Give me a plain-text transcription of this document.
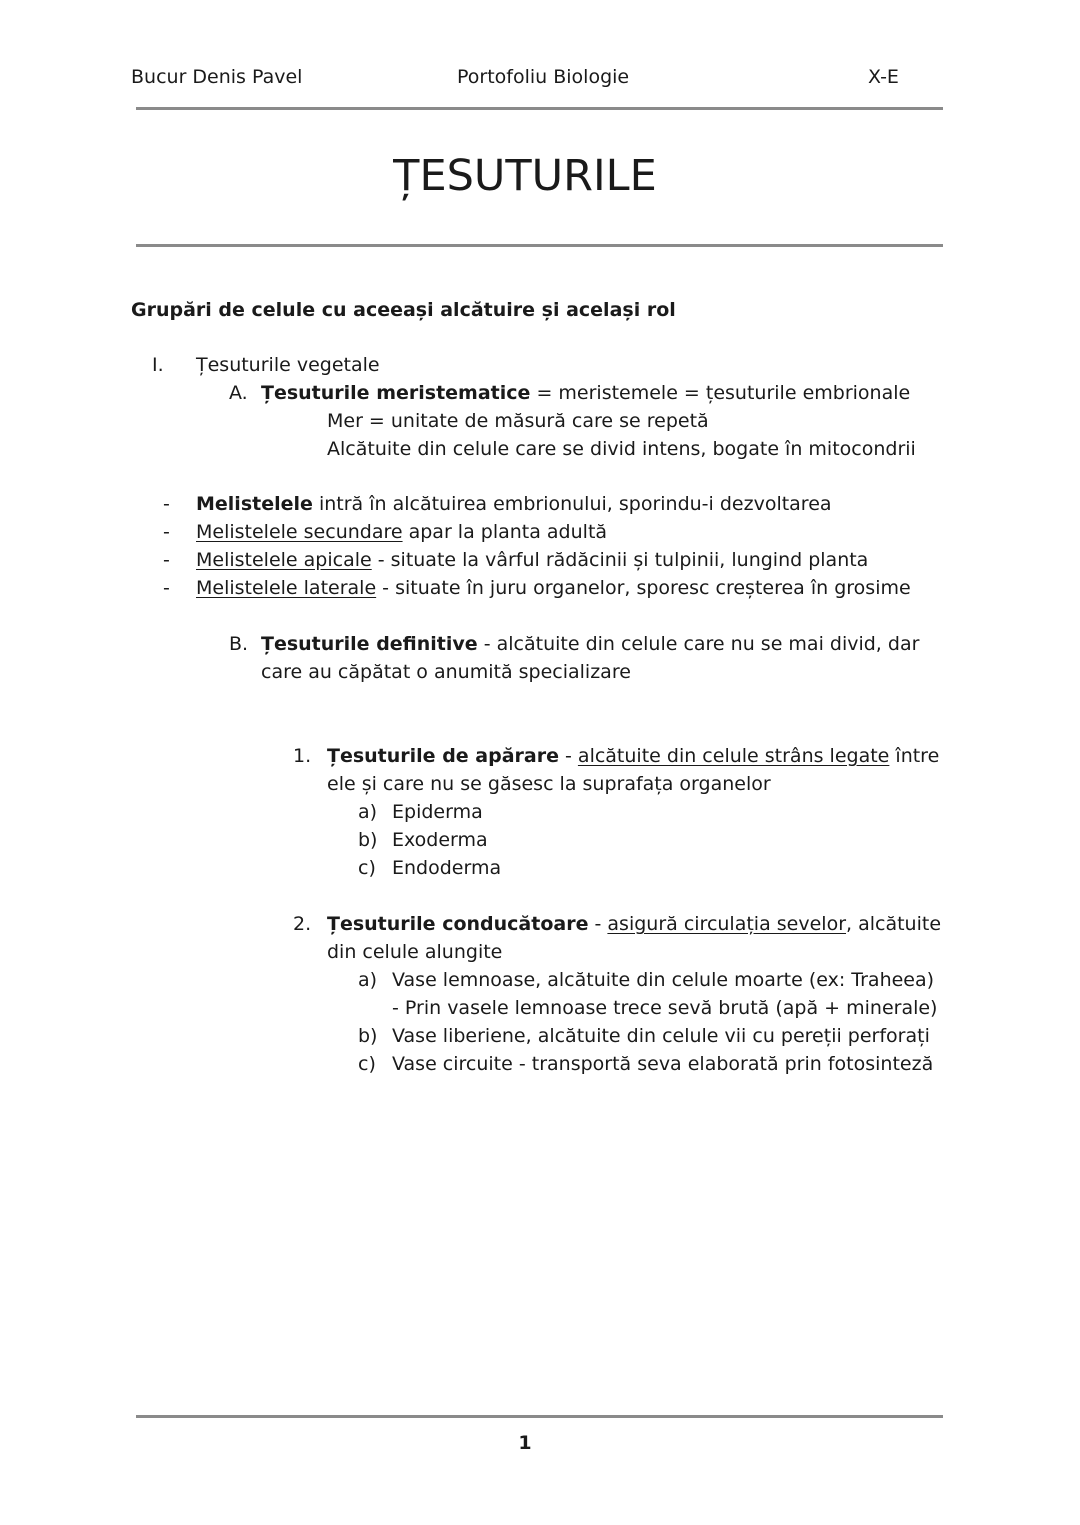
Bucur Denis Pavel	Portofoliu Biologie	X-E
ȚESUTURILE
Grupări de celule cu aceeași alcătuire și același rol
I. Țesuturile vegetale
A. Țesuturile meristematice = meristemele = țesuturile embrionale
Mer = unitate de măsură care se repetă
Alcătuite din celule care se divid intens, bogate în mitocondrii
- Melistelele intră în alcătuirea embrionului, sporindu-i dezvoltarea
- Melistelele secundare apar la planta adultă
- Melistelele apicale - situate la vârful rădăcinii și tulpinii, lungind planta
- Melistelele laterale - situate în juru organelor, sporesc creșterea în grosime
B. Țesuturile definitive - alcătuite din celule care nu se mai divid, dar
care au căpătat o anumită specializare
1. Țesuturile de apărare - alcătuite din celule strâns legate între
ele și care nu se găsesc la suprafața organelor
a) Epiderma
b) Exoderma
c) Endoderma
2. Țesuturile conducătoare - asigură circulația sevelor, alcătuite
din celule alungite
a) Vase lemnoase, alcătuite din celule moarte (ex: Traheea)
- Prin vasele lemnoase trece sevă brută (apă + minerale)
b) Vase liberiene, alcătuite din celule vii cu pereții perforați
c) Vase circuite - transportă seva elaborată prin fotosinteză
1
